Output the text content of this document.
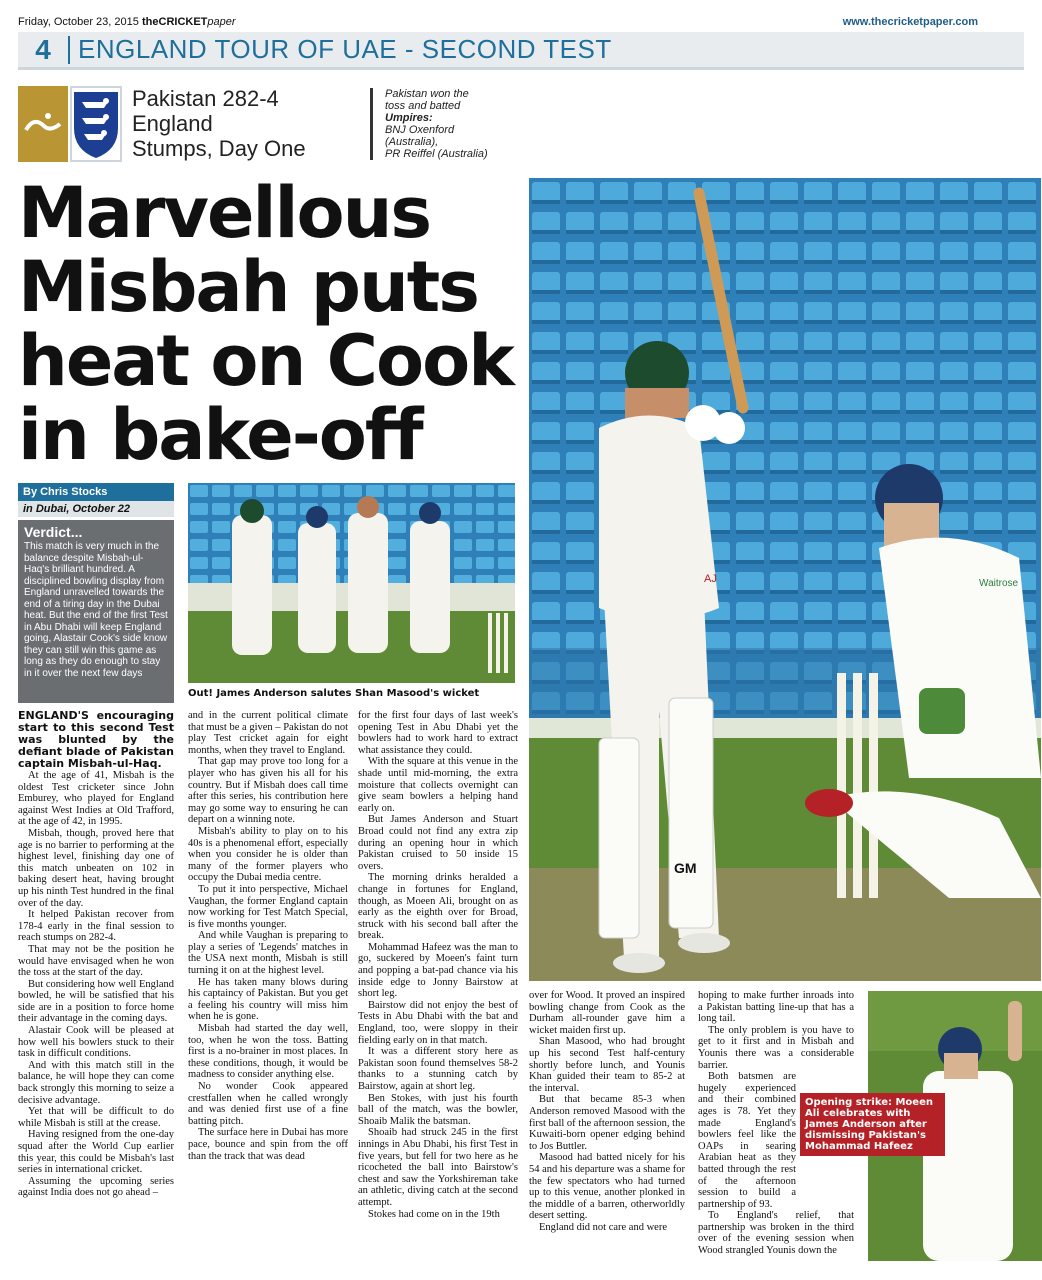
Friday, October 23, 2015 theCRICKETpaper	www.thecricketpaper.com
4	ENGLAND TOUR OF UAE - SECOND TEST
Pakistan 282-4
England
Stumps, Day One
Pakistan won the toss and batted
Umpires:
BNJ Oxenford (Australia),
PR Reiffel (Australia)
Marvellous Misbah puts heat on Cook in bake-off
AJ
GM
Waitrose
By Chris Stocks
in Dubai, October 22
Verdict...

This match is very much in the balance despite Misbah-ul-Haq's brilliant hundred. A disciplined bowling display from England unravelled towards the end of a tiring day in the Dubai heat. But the end of the first Test in Abu Dhabi will keep England going, Alastair Cook's side know they can still win this game as long as they do enough to stay in it over the next few days

Out! James Anderson salutes Shan Masood's wicket
Opening strike: Moeen Ali celebrates with James Anderson after dismissing Pakistan's Mohammad Hafeez

ENGLAND'S encouraging start to this second Test was blunted by the defiant blade of Pakistan captain Misbah-ul-Haq.

At the age of 41, Misbah is the oldest Test cricketer since John Emburey, who played for England against West Indies at Old Trafford, at the age of 42, in 1995.

Misbah, though, proved here that age is no barrier to performing at the highest level, finishing day one of this match unbeaten on 102 in baking desert heat, having brought up his ninth Test hundred in the final over of the day.

It helped Pakistan recover from 178-4 early in the final session to reach stumps on 282-4.

That may not be the position he would have envisaged when he won the toss at the start of the day.

But considering how well England bowled, he will be satisfied that his side are in a position to force home their advantage in the coming days.

Alastair Cook will be pleased at how well his bowlers stuck to their task in difficult conditions.

And with this match still in the balance, he will hope they can come back strongly this morning to seize a decisive advantage.

Yet that will be difficult to do while Misbah is still at the crease.

Having resigned from the one-day squad after the World Cup earlier this year, this could be Misbah's last series in international cricket.

Assuming the upcoming series against India does not go ahead –

and in the current political climate that must be a given – Pakistan do not play Test cricket again for eight months, when they travel to England.

That gap may prove too long for a player who has given his all for his country. But if Misbah does call time after this series, his contribution here may go some way to ensuring he can depart on a winning note.

Misbah's ability to play on to his 40s is a phenomenal effort, especially when you consider he is older than many of the former players who occupy the Dubai media centre.

To put it into perspective, Michael Vaughan, the former England captain now working for Test Match Special, is five months younger.

And while Vaughan is preparing to play a series of 'Legends' matches in the USA next month, Misbah is still turning it on at the highest level.

He has taken many blows during his captaincy of Pakistan. But you get a feeling his country will miss him when he is gone.

Misbah had started the day well, too, when he won the toss. Batting first is a no-brainer in most places. In these conditions, though, it would be madness to consider anything else.

No wonder Cook appeared crestfallen when he called wrongly and was denied first use of a fine batting pitch.

The surface here in Dubai has more pace, bounce and spin from the off than the track that was dead

for the first four days of last week's opening Test in Abu Dhabi yet the bowlers had to work hard to extract what assistance they could.

With the square at this venue in the shade until mid-morning, the extra moisture that collects overnight can give seam bowlers a helping hand early on.

But James Anderson and Stuart Broad could not find any extra zip during an opening hour in which Pakistan cruised to 50 inside 15 overs.

The morning drinks heralded a change in fortunes for England, though, as Moeen Ali, brought on as early as the eighth over for Broad, struck with his second ball after the break.

Mohammad Hafeez was the man to go, suckered by Moeen's faint turn and popping a bat-pad chance via his inside edge to Jonny Bairstow at short leg.

Bairstow did not enjoy the best of Tests in Abu Dhabi with the bat and England, too, were sloppy in their fielding early on in that match.

It was a different story here as Pakistan soon found themselves 58-2 thanks to a stunning catch by Bairstow, again at short leg.

Ben Stokes, with just his fourth ball of the match, was the bowler, Shoaib Malik the batsman.

Shoaib had struck 245 in the first innings in Abu Dhabi, his first Test in five years, but fell for two here as he ricocheted the ball into Bairstow's chest and saw the Yorkshireman take an athletic, diving catch at the second attempt.

Stokes had come on in the 19th

over for Wood. It proved an inspired bowling change from Cook as the Durham all-rounder gave him a wicket maiden first up.

Shan Masood, who had brought up his second Test half-century shortly before lunch, and Younis Khan guided their team to 85-2 at the interval.

But that became 85-3 when Anderson removed Masood with the first ball of the afternoon session, the Kuwaiti-born opener edging behind to Jos Buttler.

Masood had batted nicely for his 54 and his departure was a shame for the few spectators who had turned up to this venue, another plonked in the middle of a barren, otherworldly desert setting.

England did not care and were

hoping to make further inroads into a Pakistan batting line-up that has a long tail.

The only problem is you have to get to it first and in Misbah and Younis there was a considerable barrier.

Both batsmen are hugely experienced and their combined ages is 78. Yet they made England's bowlers feel like the OAPs in searing Arabian heat as they batted through the rest of the afternoon session to build a partnership of 93.

To England's relief, that partnership was broken in the third over of the evening session when Wood strangled Younis down the
